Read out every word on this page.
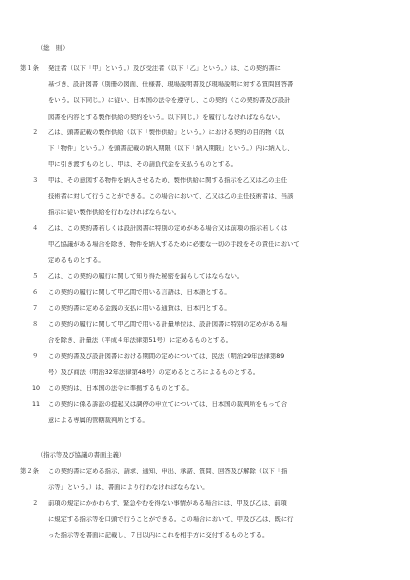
（総　則）
第１条 発注者（以下「甲」という。）及び受注者（以下「乙」という。）は、この契約書に
基づき、設計図書（別冊の図面、仕様書、現場説明書及び現場説明に対する質問回答書
をいう。以下同じ。）に従い、日本国の法令を遵守し、この契約（この契約書及び設計
図書を内容とする製作供給の契約をいう。以下同じ。）を履行しなければならない。
２ 乙は、頭書記載の製作供給（以下「製作供給」という。）における契約の目的物（以
下「物件」という。）を頭書記載の納入期限（以下「納入期限」という。）内に納入し、
甲に引き渡すものとし、甲は、その請負代金を支払うものとする。
３ 甲は、その意図する物件を納入させるため、製作供給に関する指示を乙又は乙の主任
技術者に対して行うことができる。この場合において、乙又は乙の主任技術者は、当該
指示に従い製作供給を行わなければならない。
４ 乙は、この契約書若しくは設計図書に特別の定めがある場合又は前項の指示若しくは
甲乙協議がある場合を除き、物件を納入するために必要な一切の手段をその責任において
定めるものとする。
５ 乙は、この契約の履行に関して知り得た秘密を漏らしてはならない。
６ この契約の履行に関して甲乙間で用いる言語は、日本語とする。
７ この契約書に定める金銭の支払に用いる通貨は、日本円とする。
８ この契約の履行に関して甲乙間で用いる計量単位は、設計図書に特別の定めがある場
合を除き、計量法（平成４年法律第51号）に定めるものとする。
９ この契約書及び設計図書における期間の定めについては、民法（明治29年法律第89
号）及び商法（明治32年法律第48号）の定めるところによるものとする。
10 この契約は、日本国の法令に準拠するものとする。
11 この契約に係る訴訟の提起又は調停の申立てについては、日本国の裁判所をもって合
意による専属的管轄裁判所とする。
（指示等及び協議の書面主義）
第２条 この契約書に定める指示、請求、通知、申出、承諾、質問、回答及び解除（以下「指
示等」という。）は、書面により行わなければならない。
２ 前項の規定にかかわらず、緊急やむを得ない事情がある場合には、甲及び乙は、前項
に規定する指示等を口頭で行うことができる。この場合において、甲及び乙は、既に行
った指示等を書面に記載し、７日以内にこれを相手方に交付するものとする。
